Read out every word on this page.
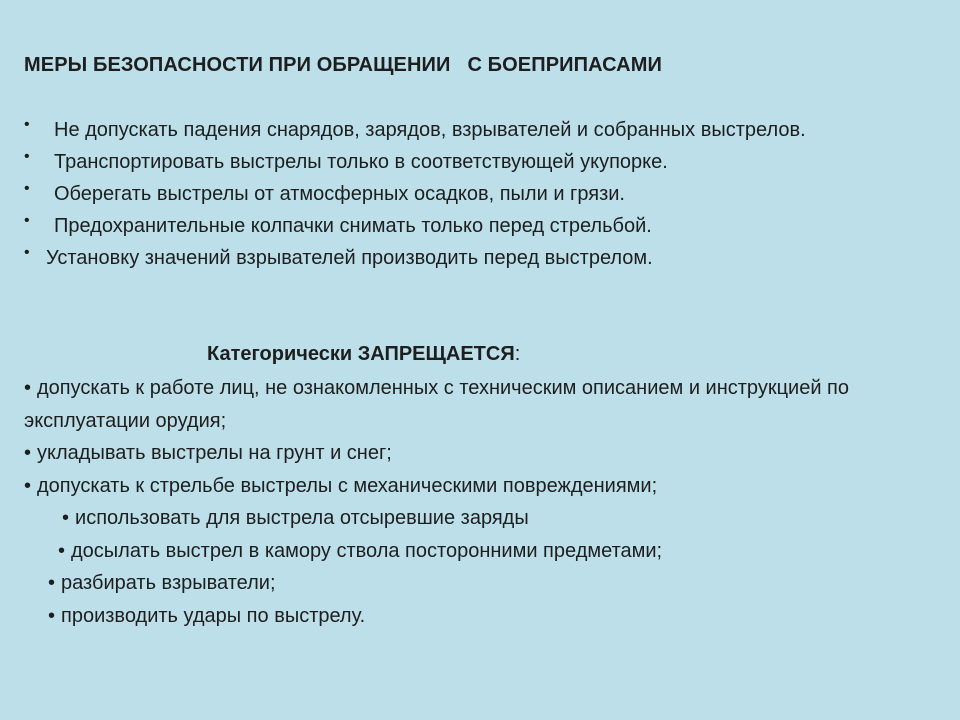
МЕРЫ БЕЗОПАСНОСТИ ПРИ ОБРАЩЕНИИ   С БОЕПРИПАСАМИ
•	Не допускать падения снарядов, зарядов, взрывателей и собранных выстрелов.
•	Транспортировать выстрелы только в соответствующей укупорке.
•	Оберегать выстрелы от атмосферных осадков, пыли и грязи.
•	Предохранительные колпачки снимать только перед стрельбой.
• Установку значений взрывателей производить перед выстрелом.
Категорически ЗАПРЕЩАЕТСЯ:
• допускать к работе лиц, не ознакомленных с техническим описанием и инструкцией по эксплуатации орудия;
• укладывать выстрелы на грунт и снег;
• допускать к стрельбе выстрелы с механическими повреждениями;
• использовать для выстрела отсыревшие заряды
• досылать выстрел в камору ствола посторонними предметами;
• разбирать взрыватели;
• производить удары по выстрелу.
